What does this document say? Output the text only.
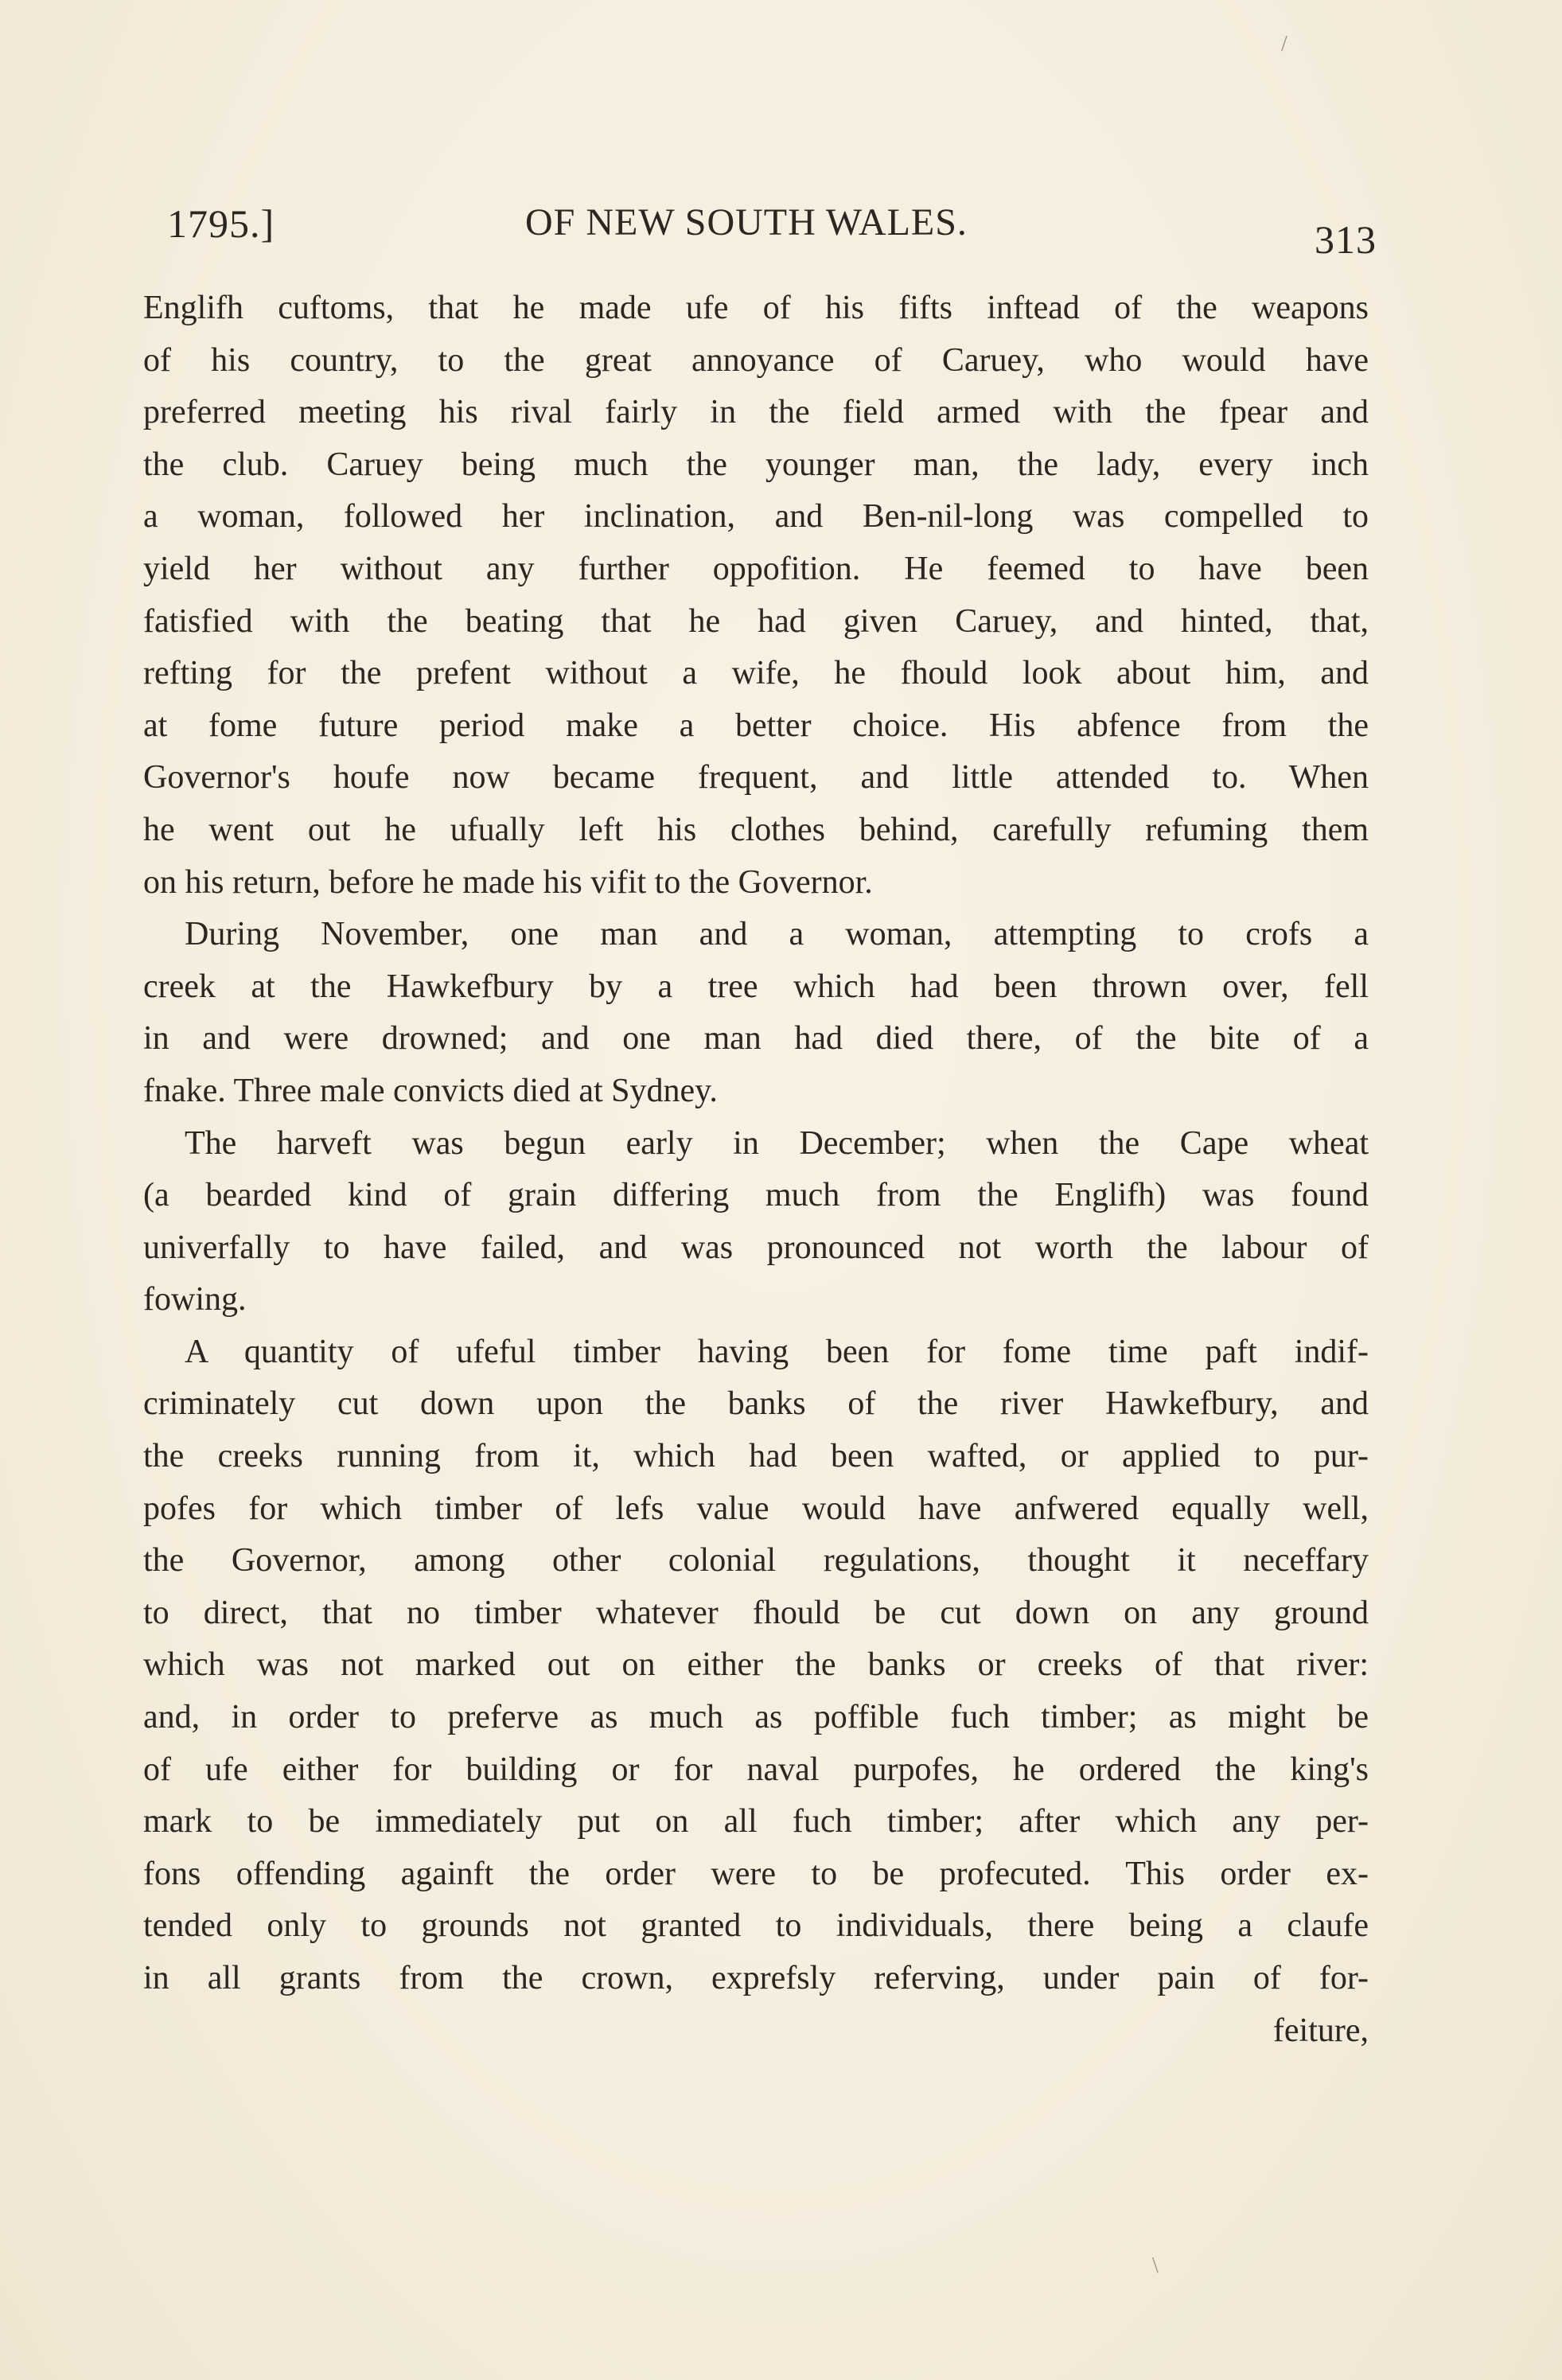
1795.]	OF NEW SOUTH WALES.	313
Englifh cuftoms, that he made ufe of his fifts inftead of the weapons
of his country, to the great annoyance of Caruey, who would have
preferred meeting his rival fairly in the field armed with the fpear and
the club. Caruey being much the younger man, the lady, every inch
a woman, followed her inclination, and Ben-nil-long was compelled to
yield her without any further oppofition. He feemed to have been
fatisfied with the beating that he had given Caruey, and hinted, that,
refting for the prefent without a wife, he fhould look about him, and
at fome future period make a better choice. His abfence from the
Governor's houfe now became frequent, and little attended to. When
he went out he ufually left his clothes behind, carefully refuming them
on his return, before he made his vifit to the Governor.
During November, one man and a woman, attempting to crofs a
creek at the Hawkefbury by a tree which had been thrown over, fell
in and were drowned; and one man had died there, of the bite of a
fnake. Three male convicts died at Sydney.
The harveft was begun early in December; when the Cape wheat
(a bearded kind of grain differing much from the Englifh) was found
univerfally to have failed, and was pronounced not worth the labour of
fowing.
A quantity of ufeful timber having been for fome time paft indif-
criminately cut down upon the banks of the river Hawkefbury, and
the creeks running from it, which had been wafted, or applied to pur-
pofes for which timber of lefs value would have anfwered equally well,
the Governor, among other colonial regulations, thought it neceffary
to direct, that no timber whatever fhould be cut down on any ground
which was not marked out on either the banks or creeks of that river:
and, in order to preferve as much as poffible fuch timber; as might be
of ufe either for building or for naval purpofes, he ordered the king's
mark to be immediately put on all fuch timber; after which any per-
fons offending againft the order were to be profecuted. This order ex-
tended only to grounds not granted to individuals, there being a claufe
in all grants from the crown, exprefsly referving, under pain of for-
feiture,
/
\
